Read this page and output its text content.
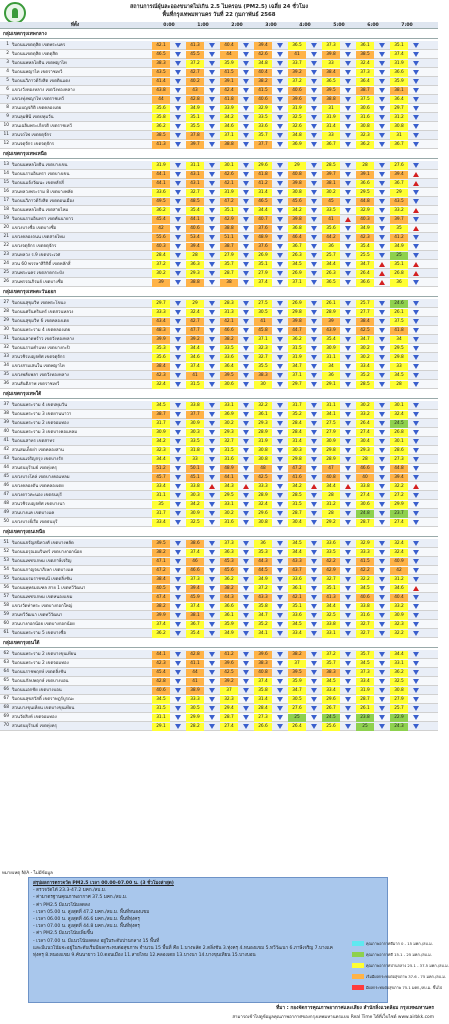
สถานการณ์ฝุ่นละอองขนาดไม่เกิน 2.5 ไมครอน (PM2.5) เฉลี่ย 24 ชั่วโมง
พื้นที่กรุงเทพมหานคร วันที่ 22 กุมภาพันธ์ 2568
ที่ตั้ง	0:00	1:00	2:00	3:00	4:00	5:00	6:00	7:00
กลุ่มเขตกรุงเทพกลาง
1 ริมถนนเขตดุสิต เขตพระนคร	42.1	41.3	40.4	39.4	36.5	37.3	36.1	35.1
2 ริมถนนเขตดุสิต เขตดุสิต	46.5	45.5	44	42.6	41	39.8	38.5	37.4
3 ริมถนนพหลโยธิน เขตพญาไท	38.3	37.2	35.9	34.8	33.7	33	32.4	31.9
4 ริมถนนพญาไท เขตราชเทวี	43.5	42.7	41.5	40.4	39.2	38.4	37.3	36.6
5 ริมถนนวิภาวดีรังสิต เขตดินแดง	41.4	40.2	39.1	38.2	37.2	36.5	36.4	35.9
6 แขวงวังทองหลาง เขตวังทองหลาง	43.8	43	42.4	41.5	40.6	39.5	38.7	38.1
7 แขวงทุ่งพญาไท เขตราชเทวี	44	42.8	41.8	40.6	39.6	38.8	37.5	36.4
8 สวนเบญจกิติ เขตคลองเตย	35.6	34.9	33.9	32.9	31.9	31	30.6	29.7
9 สวนลุมพินี เขตปทุมวัน	35.8	35.1	34.2	33.5	32.5	31.9	31.6	31.2
10 สวนเฉลิมพระเกียรติ เขตราชเทวี	36.2	35.5	34.6	33.6	32.6	31.4	30.8	30.8
11 สวนรถไฟ เขตจตุจักร	38.5	37.8	37.1	35.7	34.8	33	32.3	31
12 สวนจตุจักร เขตจตุจักร	41.3	39.7	38.8	37.7	36.9	36.7	36.2	36.7
กลุ่มเขตกรุงเทพเหนือ
13 ริมถนนพหลโยธิน เขตบางเขน	31.9	31.1	30.1	29.6	29	28.5	28	27.6
14 ริมถนนรามอินทรา เขตบางเขน	44.1	43.1	42.6	41.8	40.8	39.7	39.1	39.4
15 ริมถนนแจ้งวัฒนะ เขตหลักสี่	44.1	43.1	42.1	41.2	39.8	38.1	36.6	36.7
16 สวนหลวงพระราม 8 เขตบางพลัด	33.6	32.7	31.9	31.4	30.8	30.2	29.5	29
17 ริมถนนวิภาวดีรังสิต เขตดอนเมือง	49.5	48.5	47.2	46.5	45.6	45	44.8	43.5
18 ริมถนนพหลโยธิน เขตสายไหม	36.2	35.4	35.1	34.4	34.2	33.5	32.9	33.2
19 ริมถนนรามอินทรา เขตคันนายาว	45.4	44.1	42.9	40.7	39.8	41	40.3	39.7
20 แขวงบางซื่อ เขตบางซื่อ	42	40.6	38.8	37.6	36.8	35.6	34.9	35
21 แขวงคลองถนน เขตสายไหม	55.6	53.4	51.1	48.9	46.4	44.2	42.3	41.2
22 แขวงจตุจักร เขตจตุจักร	40.3	39.4	38.7	37.6	36.7	36	35.4	34.9
23 สวนหลวง ร.9 เขตประเวศ	28.4	28	27.9	26.9	26.3	25.7	25.5	25
24 สวน 60 พรรษาสิริกิติ์ เขตหลักสี่	37.2	36.3	35.7	35.1	34.5	34.4	34.7	35.1
25 สวนพระนคร เขตลาดกระบัง	30.2	29.3	28.7	27.9	26.9	26.3	26.4	26.8
26 สวนพรรณภิรมย์ เขตบางซื่อ	39	38.8	38	37.4	37.1	36.5	36.6	36
กลุ่มเขตกรุงเทพตะวันออก
27 ริมถนนสุขุมวิท เขตพระโขนง	29.7	29	28.3	27.5	26.9	26.1	25.7	24.6
28 ริมถนนศรีนครินทร์ เขตสวนหลวง	33.3	32.4	31.3	30.5	29.8	28.9	27.7	26.1
29 ริมถนนสุขุมวิท 6 เขตคลองเตย	43.4	42.7	42.1	41	39.8	39	38.4	37.5
30 ริมถนนพระราม 4 เขตคลองเตย	48.3	47.7	46.6	45.8	44.7	43.9	42.5	41.8
31 ริมถนนลาดพร้าว เขตวังทองหลาง	39.9	39.2	38.2	37.1	36.2	35.4	34.7	34
32 ริมถนนรามคำแหง เขตบางกะปิ	35.3	34.4	33.5	32.3	31.5	30.9	30.2	29.5
33 สวนวชิรเบญจทัศ เขตจตุจักร	35.6	34.6	33.6	32.7	31.9	31.1	30.2	29.8
34 แขวงสามเสนใน เขตพญาไท	38.4	37.4	36.4	35.5	34.7	34	33.4	33
35 แขวงพลับพลา เขตวังทองหลาง	42.3	41	39.5	38.3	37.1	36	35.2	34.5
36 สวนสันติภาพ เขตราชเทวี	32.4	31.5	30.6	30	29.7	29.1	28.5	28
กลุ่มเขตกรุงเทพใต้
37 ริมถนนพระราม 4 เขตปทุมวัน	34.5	33.8	33.1	32.2	31.7	31.1	30.2	30.1
38 ริมถนนพระราม 3 เขตยานนาวา	38.7	37.7	36.9	36.1	35.2	34.1	33.2	32.4
39 ริมถนนพระราม 2 เขตจอมทอง	31.7	30.9	30.2	29.3	28.4	27.5	26.4	24.5
40 ริมถนนพระราม 3 เขตบางคอแหลม	30.9	30.3	29.3	28.9	28.4	27.9	27.4	26.8
41 ริมถนนสาทร เขตสาทร	34.2	33.5	32.7	31.9	31.4	30.9	30.4	30.1
42 สวนสมเด็จย่า เขตคลองสาน	32.3	31.8	31.5	30.8	30.3	29.8	29.3	28.6
43 ริมถนนเจริญกรุง เขตบางรัก	34.4	33	31.6	30.8	29.8	28.9	28	27.3
44 สวนธนบุรีรมย์ เขตทุ่งครุ	51.2	50.1	48.9	48	47.2	47	46.6	44.8
45 แขวงบางโคล่ เขตบางคอแหลม	45.7	45.1	44.1	42.5	41.6	40.8	40	39.4
46 แขวงคลองตัน เขตคลองเตย	33.4	33.8	34.3	33.3	34.2	34.4	33.8	32.2
47 แขวงดาวคะนอง เขตธนบุรี	31.1	30.3	29.5	28.9	28.5	28	27.4	27.2
48 สวนวชิรเบญจทัศ เขตบางนา	35	34.2	33.1	32.4	31.5	31.2	30.6	29.9
49 สวนบางแค เขตบางแค	31.7	30.9	30.2	29.6	28.7	28	24.8	23.7
50 แขวงบางยี่เรือ เขตธนบุรี	33.4	32.5	31.6	30.8	30.4	29.2	28.7	27.4
กลุ่มเขตกรุงธนเหนือ
51 ริมถนนจรัญสนิทวงศ์ เขตบางพลัด	39.5	38.6	37.3	36	34.5	33.6	32.9	32.4
52 ริมถนนอรุณอมรินทร์ เขตบางกอกน้อย	38.2	37.4	36.3	35.3	34.4	33.5	33.3	32.4
53 ริมถนนเพชรเกษม เขตภาษีเจริญ	47.1	46	45.3	44.3	43.3	42.2	41.5	40.9
54 ริมถนนกาญจนาภิเษก เขตบางแค	47.2	46.6	45.6	44.5	43.7	42.9	42.2	42
55 ริมถนนบรมราชชนนี เขตตลิ่งชัน	38.4	37.3	36.2	34.9	33.6	32.7	32.2	31.2
56 ริมถนนพุทธมณฑล สาย 1 เขตทวีวัฒนา	40.5	39.4	38.2	37.2	36.1	35.1	34.5	34.6
57 ริมถนนเพชรเกษม เขตหนองแขม	47.4	45.9	44.3	43.3	42.1	41.3	40.6	40.4
58 แขวงวัดท่าพระ เขตบางกอกใหญ่	38.2	37.4	36.6	35.8	35.1	34.4	33.8	33.2
59 สวนทวีวัฒนา เขตทวีวัฒนา	39.9	38.1	36.1	34.7	33.6	32.5	31.6	30.9
60 สวนบางกอกน้อย เขตบางกอกน้อย	37.4	36.7	35.9	35.2	34.5	33.8	32.7	32.3
61 ริมถนนพระราม 5 เขตบางซื่อ	36.2	35.4	34.9	34.1	33.4	33.1	32.7	32.2
กลุ่มเขตกรุงธนใต้
62 ริมถนนพระราม 2 เขตบางขุนเทียน	44.1	42.8	41.2	39.6	38.2	37.2	35.7	34.4
63 ริมถนนพระราม 2 เขตจอมทอง	42.3	41.1	39.6	38.3	37	35.7	34.5	33.1
64 ริมถนนราชพฤกษ์ เขตตลิ่งชัน	45.4	44	42.5	40.8	39.5	38.3	37.3	36.2
65 ริมถนนกัลปพฤกษ์ เขตบางบอน	42.8	41	39.2	37.4	35.9	34.5	33.4	32.5
66 ริมถนนเอกชัย เขตบางบอน	40.6	38.9	37	35.8	34.7	33.4	31.9	30.8
67 ริมถนนสุขสวัสดิ์ เขตราษฎร์บูรณะ	34.5	33.3	32.3	31.4	30.5	29.6	28.7	27.9
68 สวนบางขุนเทียน เขตบางขุนเทียน	31.5	30.5	29.4	28.4	27.6	26.7	26.1	25.7
69 สวนวัดสิงห์ เขตจอมทอง	31.1	29.9	28.7	27.3	25	24.5	23.8	22.9
70 สวนธนบุรีรมย์ เขตทุ่งครุ	29.1	28.2	27.4	26.6	26.4	25.6	25	24.3
หมายเหตุ N/A - ไม่มีข้อมูล
สรุปผลการตรวจวัด PM2.5 เวลา 00.00-07.00 น. (3 ชั่วโมงล่าสุด)
- ตรวจวัดได้ 23.3-47.2 มคก./ลบ.ม.
- ค่ามาตรฐานคุณภาพอากาศ 37.5 มคก./ลบ.ม.
- ค่า PM2.5 มีแนวโน้มลดลง
- เวลา 05.00 น. สูงสุดที่ 47.2 มคก./ลบ.ม. พื้นที่หนองแขม
- เวลา 06.00 น. สูงสุดที่ 46.6 มคก./ลบ.ม. พื้นที่ทุ่งครุ
- เวลา 07.00 น. สูงสุดที่ 44.8 มคก./ลบ.ม. พื้นที่ทุ่งครุ
- ค่า PM2.5 มีแนวโน้มเพิ่มขึ้น
- เวลา 07.00 น. มีแนวโน้มลดลง อยู่ในระดับปานกลาง 15 พื้นที่
และมีแนวโน้มจะอยู่ในระดับเริ่มมีผลกระทบต่อสุขภาพ จำนวน 15 พื้นที่ คือ 1.บางพลัด 2.ตลิ่งชัน 3.ทุ่งครุ 4.หนองแขม 5.ทวีวัฒนา 6.ภาษีเจริญ 7.บางแค
ทุ่งครุ 8.หนองแขม 9.คันนายาว 10.ดอนเมือง 11.สายไหม 12.คลองเตย 13.บางนา 14.บางขุนเทียน 15.บางบอน
คุณภาพอากาศดีมาก 0 - 15 มคก./ลบ.ม.
คุณภาพอากาศดี 15.1 - 25 มคก./ลบ.ม.
คุณภาพอากาศปานกลาง 25.1 - 37.5 มคก./ลบ.ม.
เริ่มมีผลกระทบต่อสุขภาพ 37.6 - 75 มคก./ลบ.ม.
มีผลกระทบต่อสุขภาพ 75.1 มคก./ลบ.ม. ขึ้นไป
ที่มา : กองจัดการคุณภาพอากาศและเสียง สำนักสิ่งแวดล้อม กรุงเทพมหานคร
สามารถเข้าไปดูข้อมูลคุณภาพอากาศของกรุงเทพมหานครแบบ Real Time ได้ที่เว็บไซต์ www.airbkk.com
